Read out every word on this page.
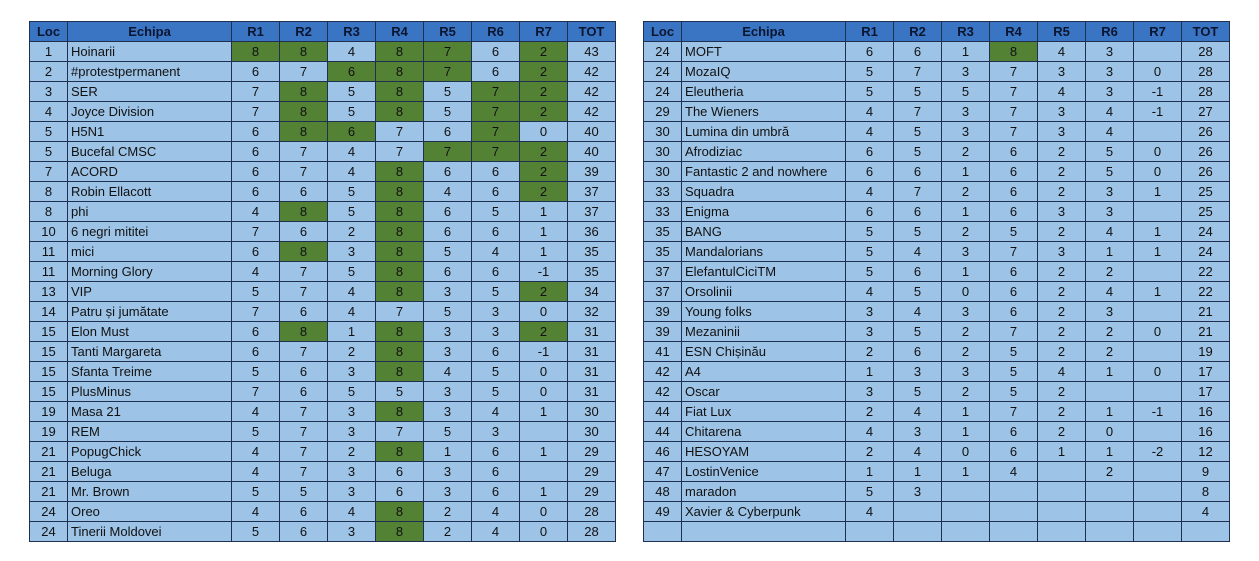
Loc	Echipa	R1	R2	R3	R4	R5	R6	R7	TOT
1	Hoinarii	8	8	4	8	7	6	2	43
2	#protestpermanent	6	7	6	8	7	6	2	42
3	SER	7	8	5	8	5	7	2	42
4	Joyce Division	7	8	5	8	5	7	2	42
5	H5N1	6	8	6	7	6	7	0	40
5	Bucefal CMSC	6	7	4	7	7	7	2	40
7	ACORD	6	7	4	8	6	6	2	39
8	Robin Ellacott	6	6	5	8	4	6	2	37
8	phi	4	8	5	8	6	5	1	37
10	6 negri mititei	7	6	2	8	6	6	1	36
11	mici	6	8	3	8	5	4	1	35
11	Morning Glory	4	7	5	8	6	6	-1	35
13	VIP	5	7	4	8	3	5	2	34
14	Patru și jumătate	7	6	4	7	5	3	0	32
15	Elon Must	6	8	1	8	3	3	2	31
15	Tanti Margareta	6	7	2	8	3	6	-1	31
15	Sfanta Treime	5	6	3	8	4	5	0	31
15	PlusMinus	7	6	5	5	3	5	0	31
19	Masa 21	4	7	3	8	3	4	1	30
19	REM	5	7	3	7	5	3		30
21	PopugChick	4	7	2	8	1	6	1	29
21	Beluga	4	7	3	6	3	6		29
21	Mr. Brown	5	5	3	6	3	6	1	29
24	Oreo	4	6	4	8	2	4	0	28
24	Tinerii Moldovei	5	6	3	8	2	4	0	28
Loc	Echipa	R1	R2	R3	R4	R5	R6	R7	TOT
24	MOFT	6	6	1	8	4	3		28
24	MozaIQ	5	7	3	7	3	3	0	28
24	Eleutheria	5	5	5	7	4	3	-1	28
29	The Wieners	4	7	3	7	3	4	-1	27
30	Lumina din umbră	4	5	3	7	3	4		26
30	Afrodiziac	6	5	2	6	2	5	0	26
30	Fantastic 2 and nowhere	6	6	1	6	2	5	0	26
33	Squadra	4	7	2	6	2	3	1	25
33	Enigma	6	6	1	6	3	3		25
35	BANG	5	5	2	5	2	4	1	24
35	Mandalorians	5	4	3	7	3	1	1	24
37	ElefantulCiciTM	5	6	1	6	2	2		22
37	Orsolinii	4	5	0	6	2	4	1	22
39	Young folks	3	4	3	6	2	3		21
39	Mezaninii	3	5	2	7	2	2	0	21
41	ESN Chișinău	2	6	2	5	2	2		19
42	A4	1	3	3	5	4	1	0	17
42	Oscar	3	5	2	5	2			17
44	Fiat Lux	2	4	1	7	2	1	-1	16
44	Chitarena	4	3	1	6	2	0		16
46	HESOYAM	2	4	0	6	1	1	-2	12
47	LostinVenice	1	1	1	4		2		9
48	maradon	5	3						8
49	Xavier & Cyberpunk	4							4
